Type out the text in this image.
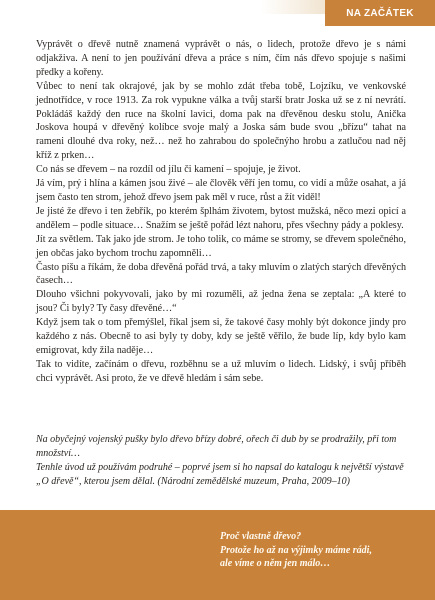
NA ZAČÁTEK

Vyprávět o dřevě nutně znamená vyprávět o nás, o lidech, protože dřevo je s námi odjakživa. A není to jen používání dřeva a práce s ním, čím nás dřevo spojuje s našimi předky a kořeny.

Vůbec to není tak okrajové, jak by se mohlo zdát třeba tobě, Lojzíku, ve venkovské jednotřídce, v roce 1913. Za rok vypukne válka a tvůj starší bratr Joska už se z ní nevrátí. Pokládáš každý den ruce na školní lavici, doma pak na dřevěnou desku stolu, Anička Joskova houpá v dřevěný kolíbce svoje malý a Joska sám bude svou „břízu“ tahat na rameni dlouhé dva roky, než… než ho zahrabou do společnýho hrobu a zatlučou nad něj kříž z prken…

Co nás se dřevem – na rozdíl od jílu či kamení – spojuje, je život.

Já vím, prý i hlína a kámen jsou živé – ale člověk věří jen tomu, co vidí a může osahat, a já jsem často ten strom, jehož dřevo jsem pak měl v ruce, růst a žít viděl!

Je jisté že dřevo i ten žebřík, po kterém šplhám životem, bytost mužská, něco mezi opicí a andělem – podle situace… Snažím se ještě pořád lézt nahoru, přes všechny pády a poklesy.

Jít za světlem. Tak jako jde strom. Je toho tolik, co máme se stromy, se dřevem společného, jen občas jako bychom trochu zapomněli…

Často píšu a říkám, že doba dřevěná pořád trvá, a taky mluvím o zlatých starých dřevěných časech…

Dlouho všichni pokyvovali, jako by mi rozuměli, až jedna žena se zeptala: „A které to jsou? Či byly? Ty časy dřevěné…“

Když jsem tak o tom přemýšlel, říkal jsem si, že takové časy mohly být dokonce jindy pro každého z nás. Obecně to asi byly ty doby, kdy se ještě věřilo, že bude líp, kdy bylo kam emigrovat, kdy žila naděje…

Tak to vidíte, začínám o dřevu, rozběhnu se a už mluvím o lidech. Lidský, i svůj příběh chci vyprávět. Asi proto, že ve dřevě hledám i sám sebe.

Na obyčejný vojenský pušky bylo dřevo břízy dobré, ořech či dub by se prodražily, při tom množství…

Tenhle úvod už používám podruhé – poprvé jsem si ho napsal do katalogu k největší výstavě „O dřevě“, kterou jsem dělal. (Národní zemědělské muzeum, Praha, 2009–10)

Proč vlastně dřevo?
Protože ho až na výjimky máme rádi,
ale víme o něm jen málo…
